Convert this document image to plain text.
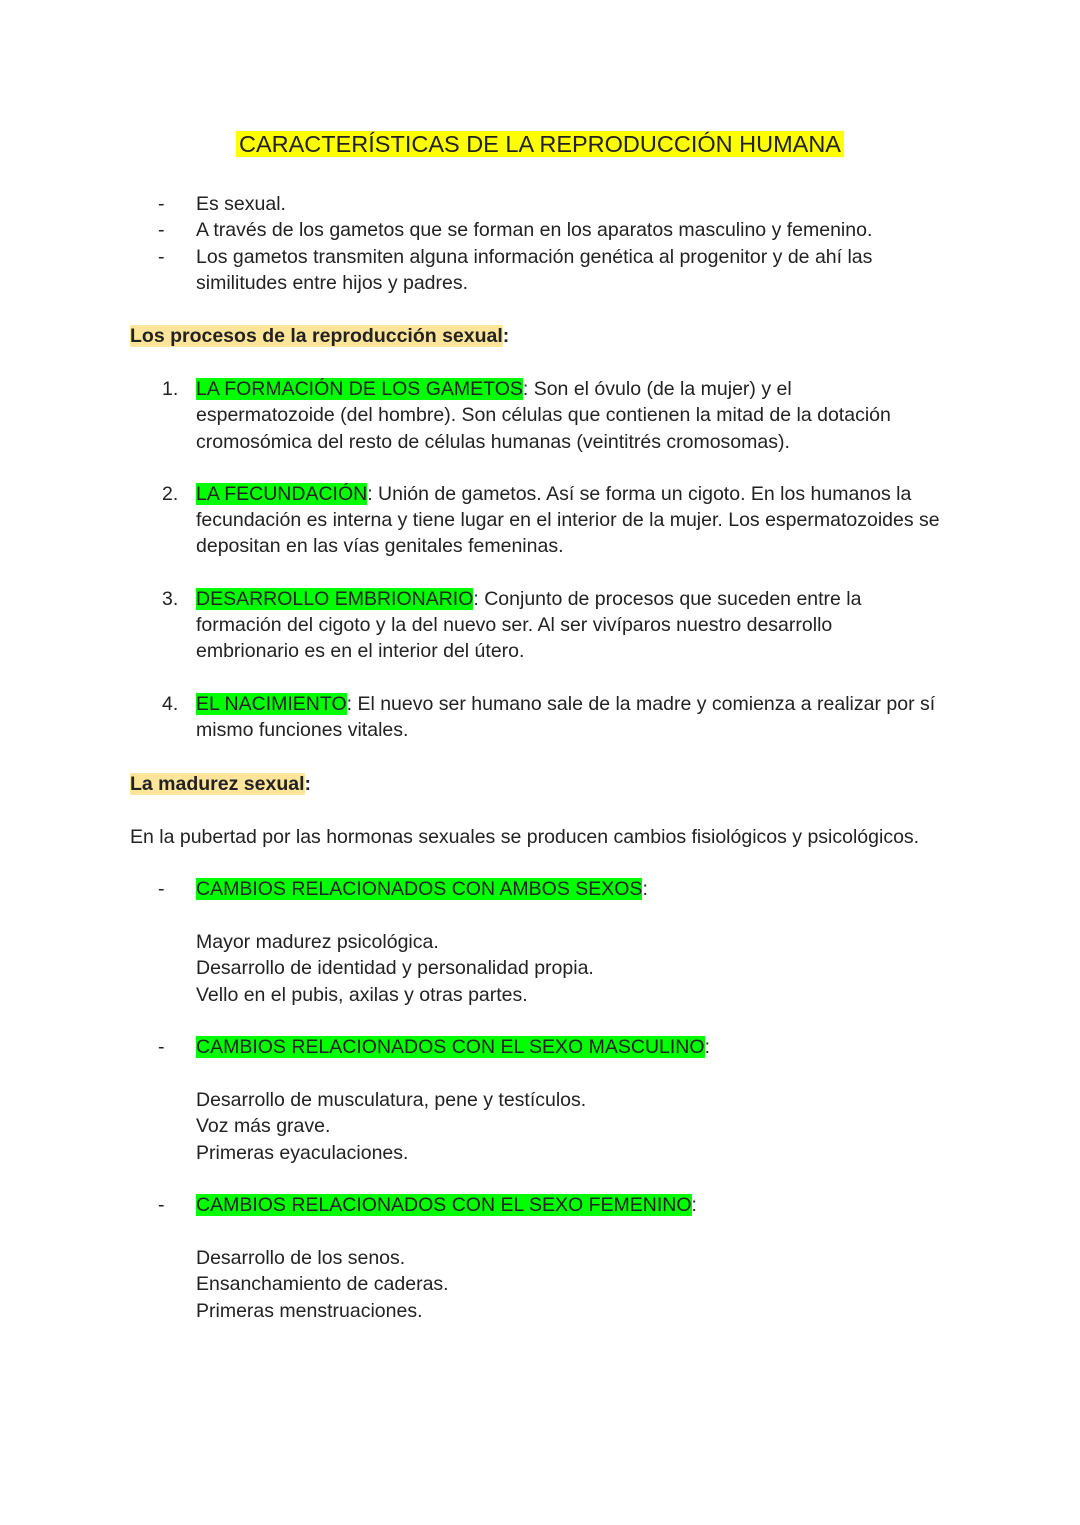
CARACTERÍSTICAS DE LA REPRODUCCIÓN HUMANA
-	Es sexual.
-	A través de los gametos que se forman en los aparatos masculino y femenino.
-	Los gametos transmiten alguna información genética al progenitor y de ahí las similitudes entre hijos y padres.
Los procesos de la reproducción sexual:
1. LA FORMACIÓN DE LOS GAMETOS: Son el óvulo (de la mujer) y el espermatozoide (del hombre). Son células que contienen la mitad de la dotación cromosómica del resto de células humanas (veintitrés cromosomas).
2. LA FECUNDACIÓN: Unión de gametos. Así se forma un cigoto. En los humanos la fecundación es interna y tiene lugar en el interior de la mujer. Los espermatozoides se depositan en las vías genitales femeninas.
3. DESARROLLO EMBRIONARIO: Conjunto de procesos que suceden entre la formación del cigoto y la del nuevo ser. Al ser vivíparos nuestro desarrollo embrionario es en el interior del útero.
4. EL NACIMIENTO: El nuevo ser humano sale de la madre y comienza a realizar por sí mismo funciones vitales.
La madurez sexual:
En la pubertad por las hormonas sexuales se producen cambios fisiológicos y psicológicos.
-	CAMBIOS RELACIONADOS CON AMBOS SEXOS:
Mayor madurez psicológica.
Desarrollo de identidad y personalidad propia.
Vello en el pubis, axilas y otras partes.
-	CAMBIOS RELACIONADOS CON EL SEXO MASCULINO:
Desarrollo de musculatura, pene y testículos.
Voz más grave.
Primeras eyaculaciones.
-	CAMBIOS RELACIONADOS CON EL SEXO FEMENINO:
Desarrollo de los senos.
Ensanchamiento de caderas.
Primeras menstruaciones.
